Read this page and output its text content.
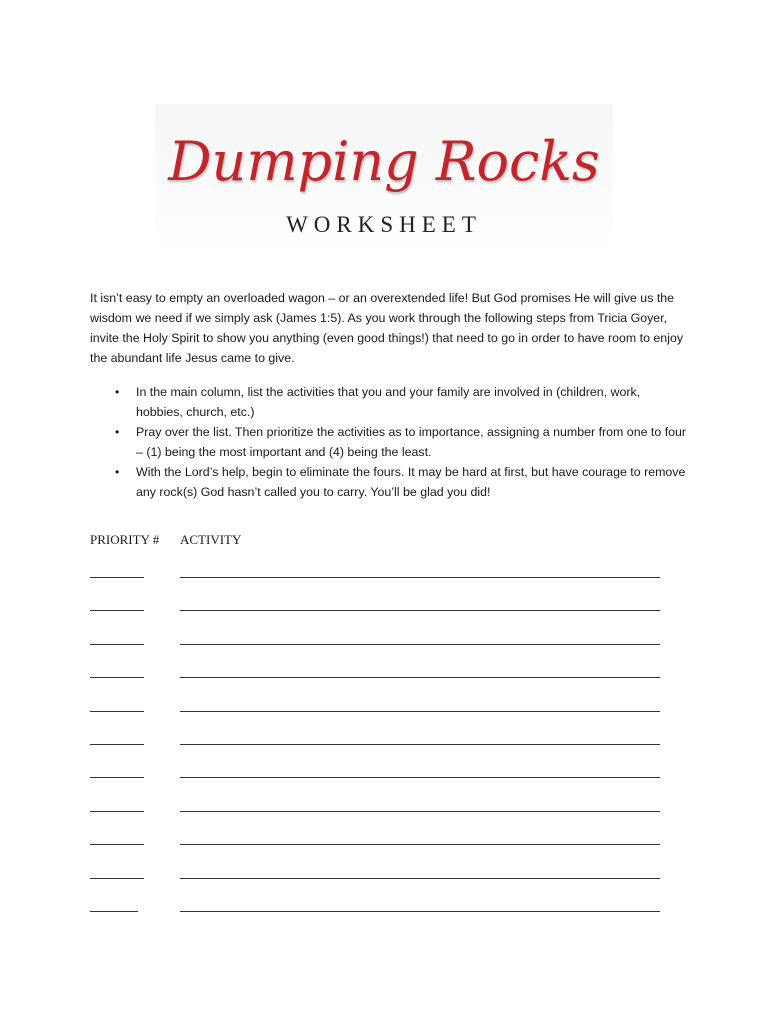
Dumping Rocks
WORKSHEET

It isn’t easy to empty an overloaded wagon – or an overextended life! But God promises He will give us the wisdom we need if we simply ask (James 1:5). As you work through the following steps from Tricia Goyer, invite the Holy Spirit to show you anything (even good things!) that need to go in order to have room to enjoy the abundant life Jesus came to give.

• In the main column, list the activities that you and your family are involved in (children, work, hobbies, church, etc.)
• Pray over the list. Then prioritize the activities as to importance, assigning a number from one to four – (1) being the most important and (4) being the least.
• With the Lord’s help, begin to eliminate the fours. It may be hard at first, but have courage to remove any rock(s) God hasn’t called you to carry. You’ll be glad you did!
PRIORITY # ACTIVITY
